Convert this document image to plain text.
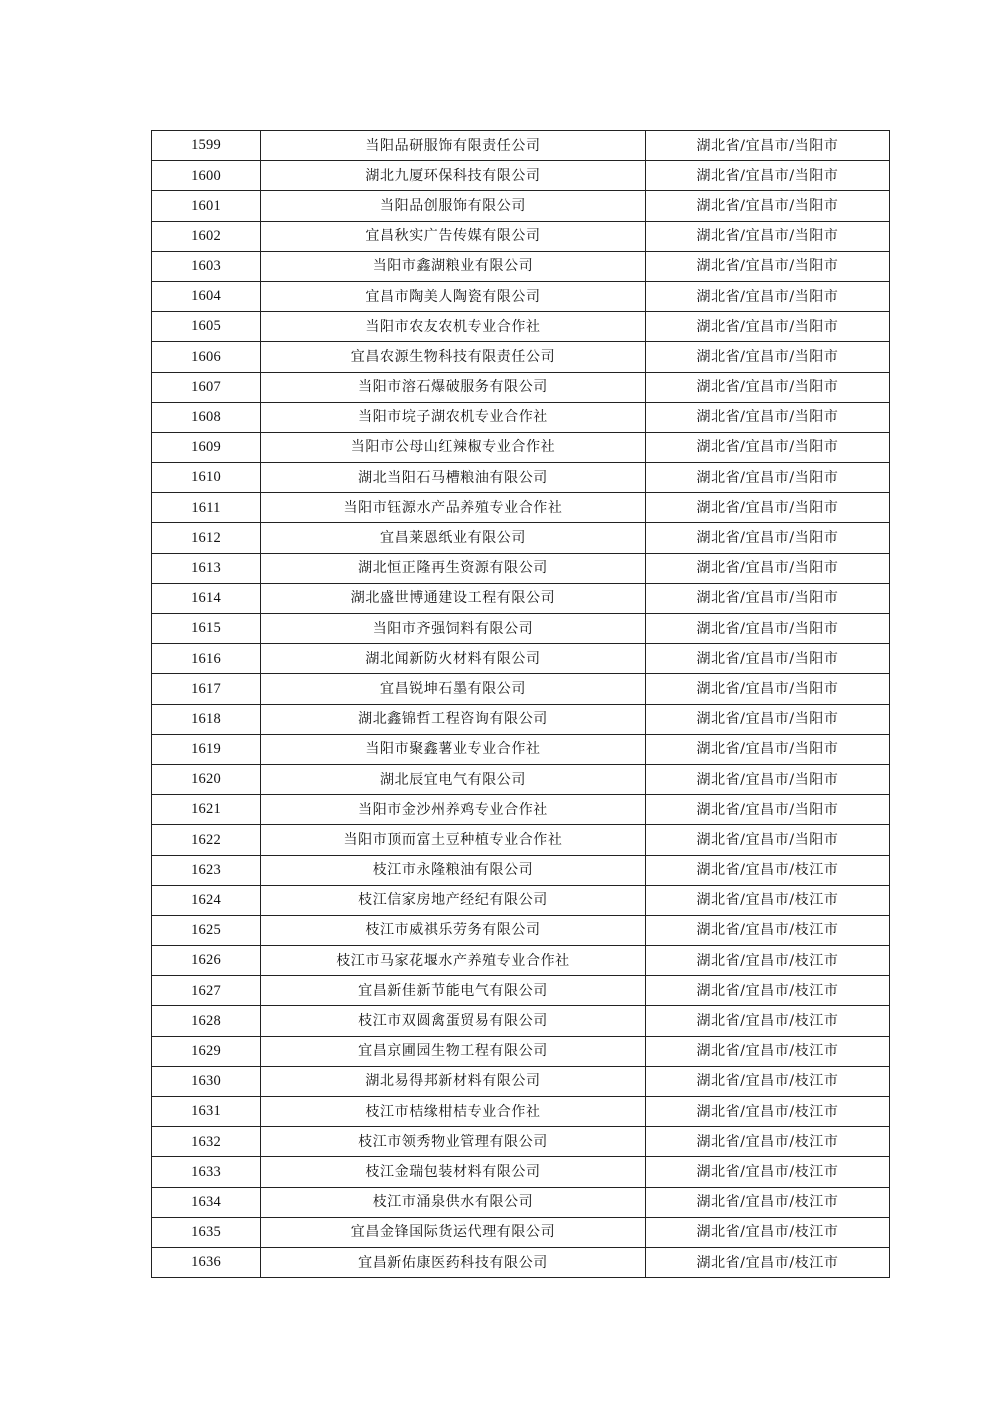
1599	当阳品研服饰有限责任公司	湖北省/宜昌市/当阳市
1600	湖北九厦环保科技有限公司	湖北省/宜昌市/当阳市
1601	当阳品创服饰有限公司	湖北省/宜昌市/当阳市
1602	宜昌秋实广告传媒有限公司	湖北省/宜昌市/当阳市
1603	当阳市鑫湖粮业有限公司	湖北省/宜昌市/当阳市
1604	宜昌市陶美人陶瓷有限公司	湖北省/宜昌市/当阳市
1605	当阳市农友农机专业合作社	湖北省/宜昌市/当阳市
1606	宜昌农源生物科技有限责任公司	湖北省/宜昌市/当阳市
1607	当阳市溶石爆破服务有限公司	湖北省/宜昌市/当阳市
1608	当阳市垸子湖农机专业合作社	湖北省/宜昌市/当阳市
1609	当阳市公母山红辣椒专业合作社	湖北省/宜昌市/当阳市
1610	湖北当阳石马槽粮油有限公司	湖北省/宜昌市/当阳市
1611	当阳市钰源水产品养殖专业合作社	湖北省/宜昌市/当阳市
1612	宜昌莱恩纸业有限公司	湖北省/宜昌市/当阳市
1613	湖北恒正隆再生资源有限公司	湖北省/宜昌市/当阳市
1614	湖北盛世博通建设工程有限公司	湖北省/宜昌市/当阳市
1615	当阳市齐强饲料有限公司	湖北省/宜昌市/当阳市
1616	湖北闻新防火材料有限公司	湖北省/宜昌市/当阳市
1617	宜昌锐坤石墨有限公司	湖北省/宜昌市/当阳市
1618	湖北鑫锦哲工程咨询有限公司	湖北省/宜昌市/当阳市
1619	当阳市聚鑫薯业专业合作社	湖北省/宜昌市/当阳市
1620	湖北辰宜电气有限公司	湖北省/宜昌市/当阳市
1621	当阳市金沙州养鸡专业合作社	湖北省/宜昌市/当阳市
1622	当阳市顶而富土豆种植专业合作社	湖北省/宜昌市/当阳市
1623	枝江市永隆粮油有限公司	湖北省/宜昌市/枝江市
1624	枝江信家房地产经纪有限公司	湖北省/宜昌市/枝江市
1625	枝江市威祺乐劳务有限公司	湖北省/宜昌市/枝江市
1626	枝江市马家花堰水产养殖专业合作社	湖北省/宜昌市/枝江市
1627	宜昌新佳新节能电气有限公司	湖北省/宜昌市/枝江市
1628	枝江市双圆禽蛋贸易有限公司	湖北省/宜昌市/枝江市
1629	宜昌京圃园生物工程有限公司	湖北省/宜昌市/枝江市
1630	湖北易得邦新材料有限公司	湖北省/宜昌市/枝江市
1631	枝江市桔缘柑桔专业合作社	湖北省/宜昌市/枝江市
1632	枝江市领秀物业管理有限公司	湖北省/宜昌市/枝江市
1633	枝江金瑞包装材料有限公司	湖北省/宜昌市/枝江市
1634	枝江市涌泉供水有限公司	湖北省/宜昌市/枝江市
1635	宜昌金锋国际货运代理有限公司	湖北省/宜昌市/枝江市
1636	宜昌新佑康医药科技有限公司	湖北省/宜昌市/枝江市
